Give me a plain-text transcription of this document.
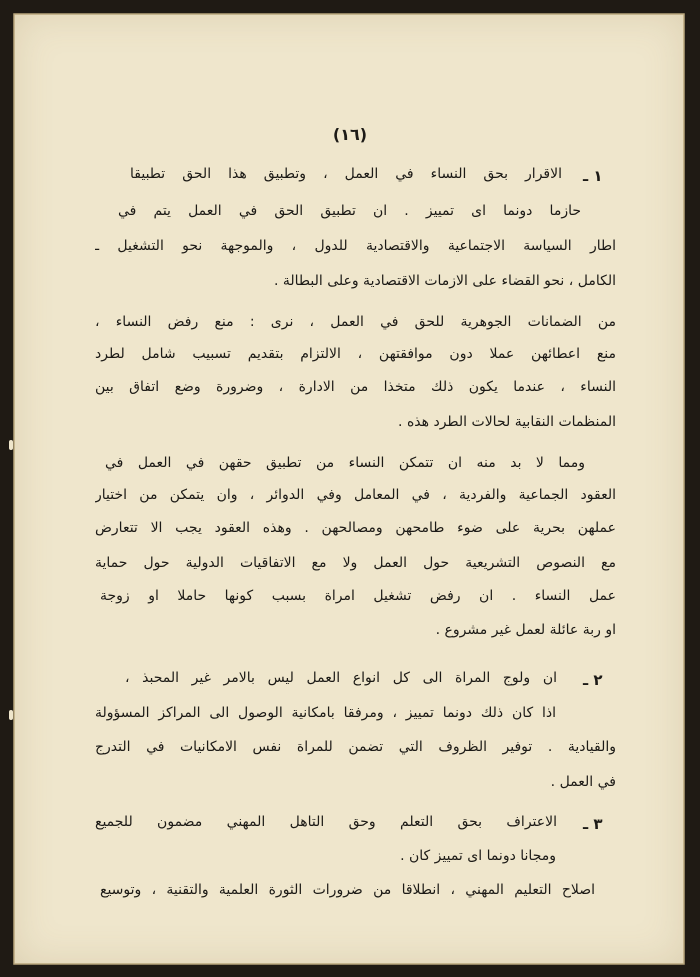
(١٦)
١ ـ
الاقرار بحق النساء في العمل ، وتطبيق هذا الحق تطبيقا
حازما دونما اى تمييز . ان تطبيق الحق في العمل يتم في
اطار السياسة الاجتماعية والاقتصادية للدول ، والموجهة نحو التشغيل ـ
الكامل ، نحو القضاء على الازمات الاقتصادية وعلى البطالة .
من الضمانات الجوهرية للحق في العمل ، نرى : منع رفض النساء ،
منع اعطائهن عملا دون موافقتهن ، الالتزام بتقديم تسبيب شامل لطرد
النساء ، عندما يكون ذلك متخذا من الادارة ، وضرورة وضع اتفاق بين
المنظمات النقابية لحالات الطرد هذه .
ومما لا بد منه ان تتمكن النساء من تطبيق حقهن في العمل في
العقود الجماعية والفردية ، في المعامل وفي الدوائر ، وان يتمكن من اختيار
عملهن بحرية على ضوء طامحهن ومصالحهن . وهذه العقود يجب الا تتعارض
مع النصوص التشريعية حول العمل ولا مع الاتفاقيات الدولية حول حماية
عمل النساء . ان رفض تشغيل امراة بسبب كونها حاملا او زوجة
او ربة عائلة لعمل غير مشروع .
٢ ـ
ان ولوج المراة الى كل انواع العمل ليس بالامر غير المحبذ ،
اذا كان ذلك دونما تمييز ، ومرفقا بامكانية الوصول الى المراكز المسؤولة
والقيادية . توفير الظروف التي تضمن للمراة نفس الامكانيات في التدرج
في العمل .
٣ ـ
الاعتراف بحق التعلم وحق التاهل المهني مضمون للجميع
ومجانا دونما اى تمييز كان .
اصلاح التعليم المهني ، انطلاقا من ضرورات الثورة العلمية والتقنية ، وتوسيع
